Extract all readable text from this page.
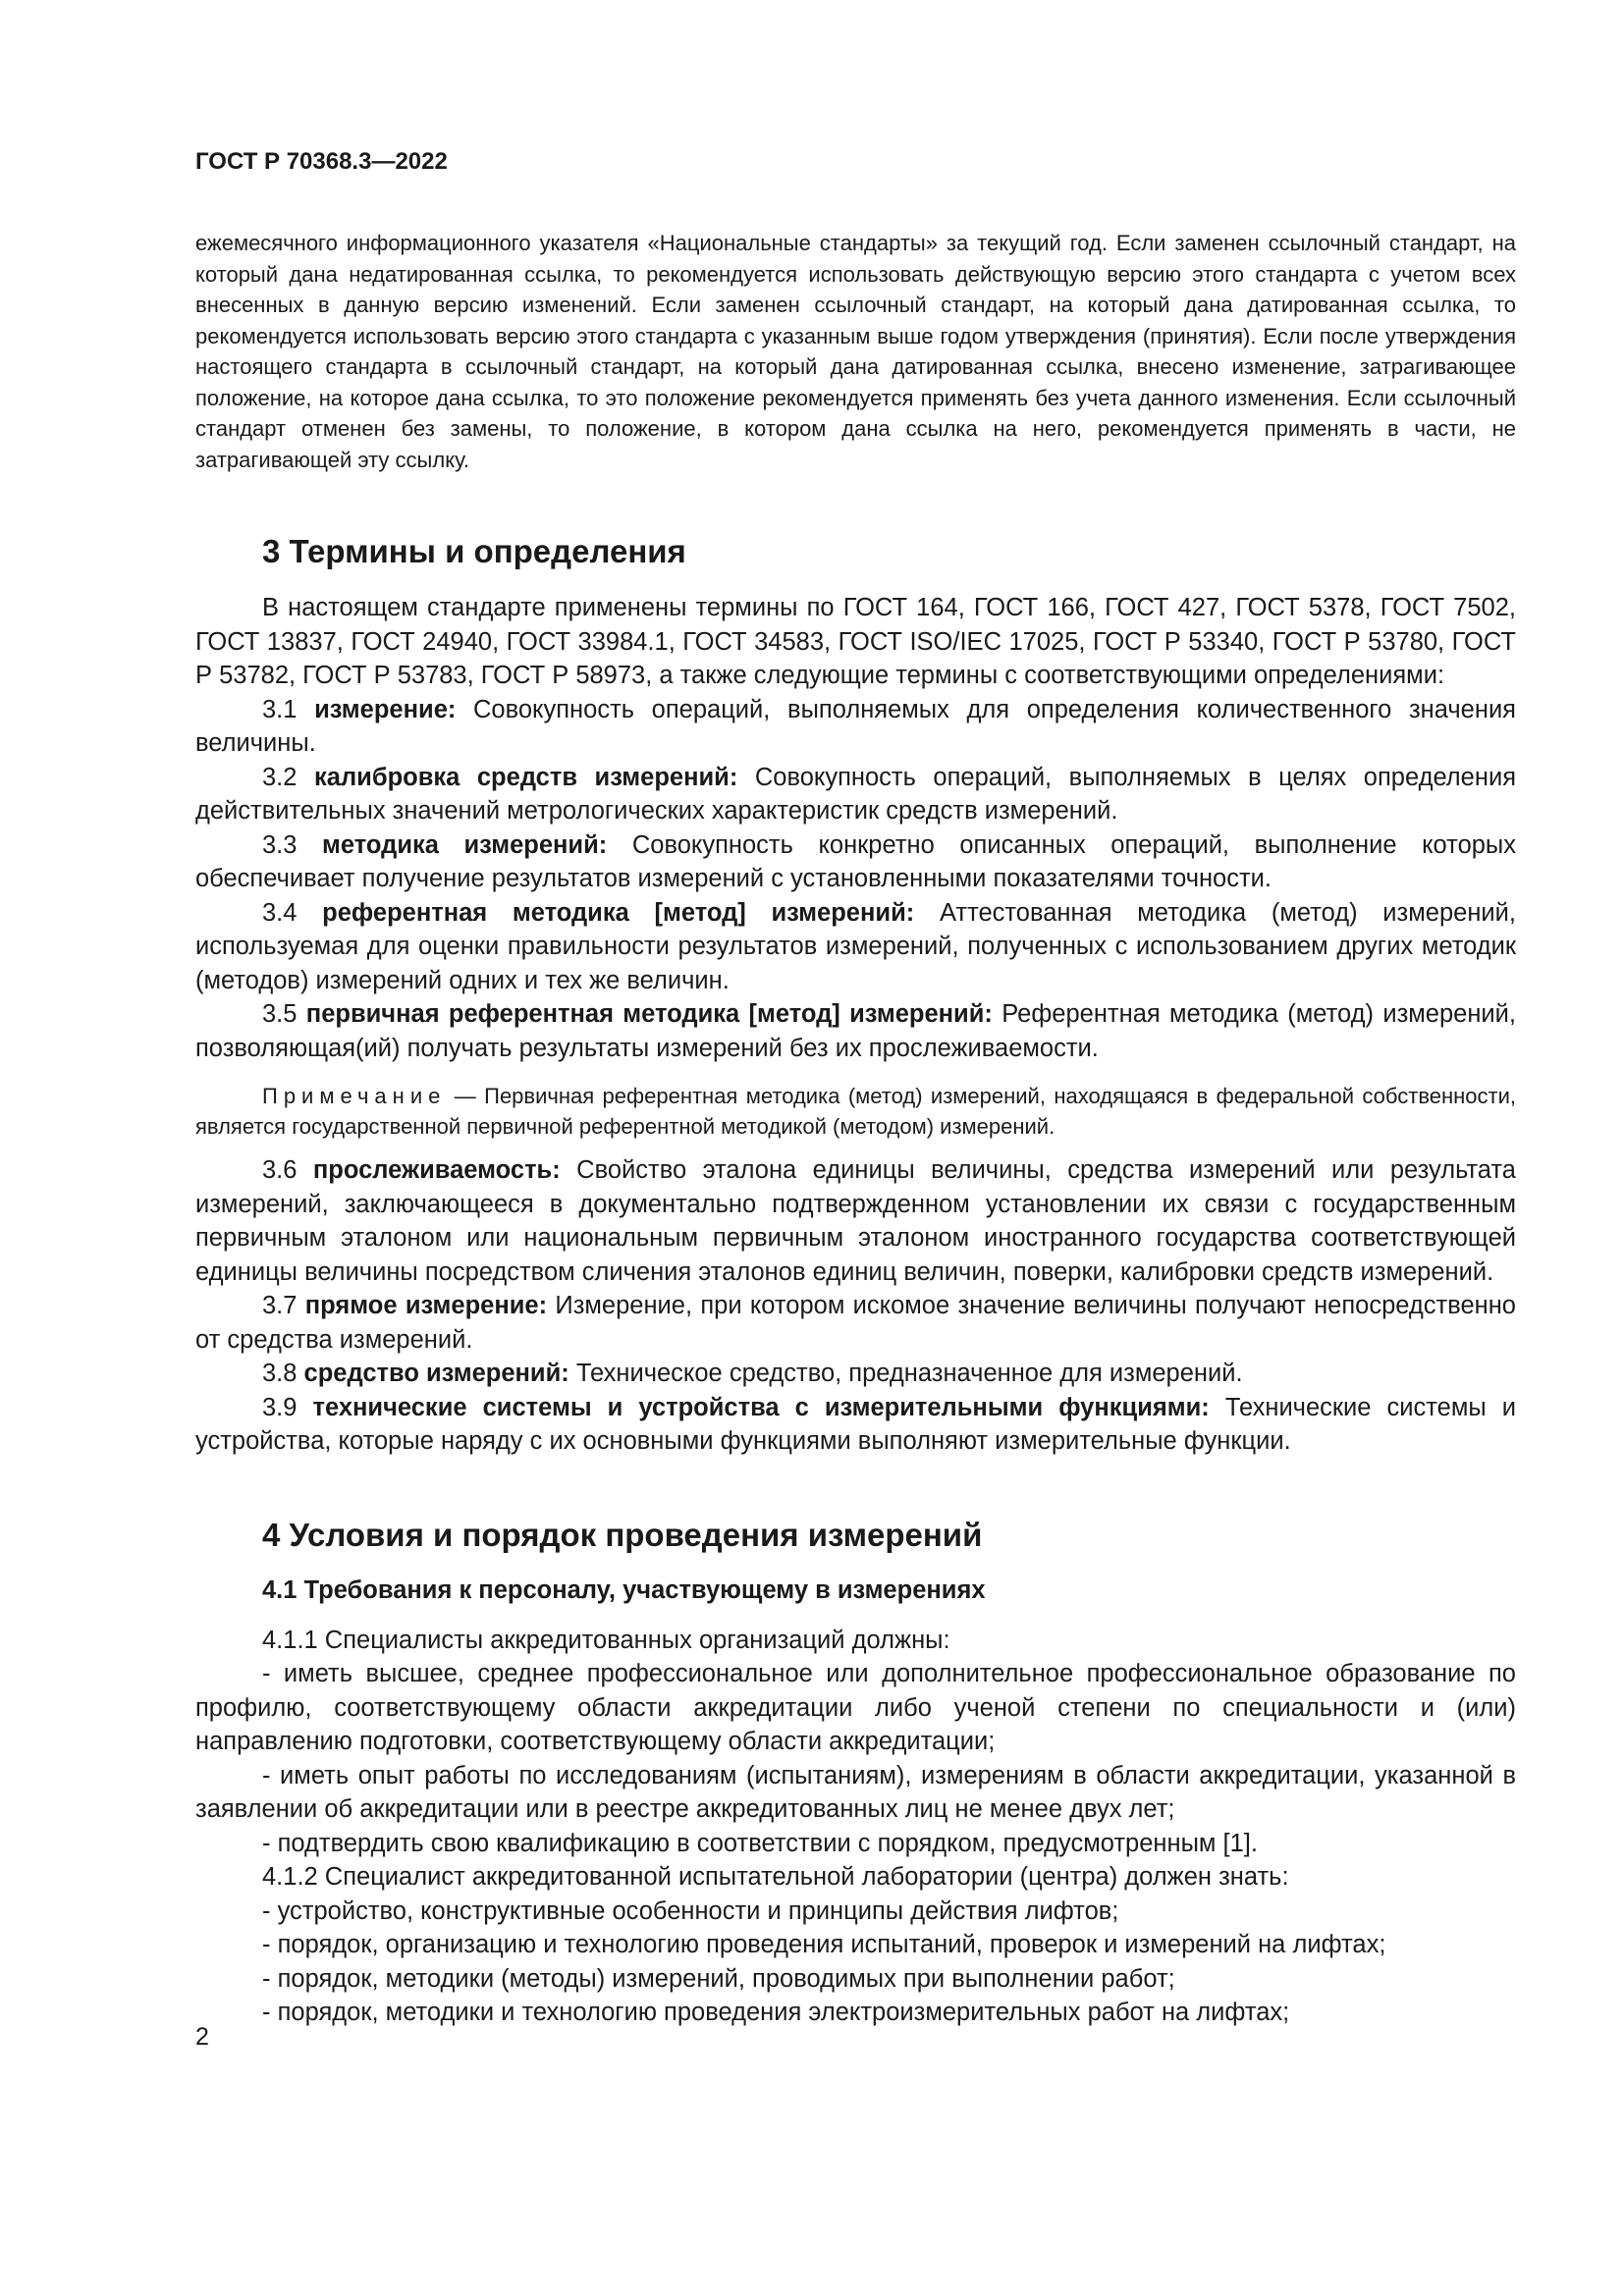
ГОСТ Р 70368.3—2022

ежемесячного информационного указателя «Национальные стандарты» за текущий год. Если заменен ссылочный стандарт, на который дана недатированная ссылка, то рекомендуется использовать действующую версию этого стандарта с учетом всех внесенных в данную версию изменений. Если заменен ссылочный стандарт, на который дана датированная ссылка, то рекомендуется использовать версию этого стандарта с указанным выше годом утверждения (принятия). Если после утверждения настоящего стандарта в ссылочный стандарт, на который дана датированная ссылка, внесено изменение, затрагивающее положение, на которое дана ссылка, то это положение рекомендуется применять без учета данного изменения. Если ссылочный стандарт отменен без замены, то положение, в котором дана ссылка на него, рекомендуется применять в части, не затрагивающей эту ссылку.

3 Термины и определения

В настоящем стандарте применены термины по ГОСТ 164, ГОСТ 166, ГОСТ 427, ГОСТ 5378, ГОСТ 7502, ГОСТ 13837, ГОСТ 24940, ГОСТ 33984.1, ГОСТ 34583, ГОСТ ISO/IEC 17025, ГОСТ Р 53340, ГОСТ Р 53780, ГОСТ Р 53782, ГОСТ Р 53783, ГОСТ Р 58973, а также следующие термины с соответствующими определениями:

3.1 измерение: Совокупность операций, выполняемых для определения количественного значения величины.

3.2 калибровка средств измерений: Совокупность операций, выполняемых в целях определения действительных значений метрологических характеристик средств измерений.

3.3 методика измерений: Совокупность конкретно описанных операций, выполнение которых обеспечивает получение результатов измерений с установленными показателями точности.

3.4 референтная методика [метод] измерений: Аттестованная методика (метод) измерений, используемая для оценки правильности результатов измерений, полученных с использованием других методик (методов) измерений одних и тех же величин.

3.5 первичная референтная методика [метод] измерений: Референтная методика (метод) измерений, позволяющая(ий) получать результаты измерений без их прослеживаемости.

Примечание — Первичная референтная методика (метод) измерений, находящаяся в федеральной собственности, является государственной первичной референтной методикой (методом) измерений.

3.6 прослеживаемость: Свойство эталона единицы величины, средства измерений или результата измерений, заключающееся в документально подтвержденном установлении их связи с государственным первичным эталоном или национальным первичным эталоном иностранного государства соответствующей единицы величины посредством сличения эталонов единиц величин, поверки, калибровки средств измерений.

3.7 прямое измерение: Измерение, при котором искомое значение величины получают непосредственно от средства измерений.

3.8 средство измерений: Техническое средство, предназначенное для измерений.

3.9 технические системы и устройства с измерительными функциями: Технические системы и устройства, которые наряду с их основными функциями выполняют измерительные функции.

4 Условия и порядок проведения измерений
4.1 Требования к персоналу, участвующему в измерениях

4.1.1 Специалисты аккредитованных организаций должны:

- иметь высшее, среднее профессиональное или дополнительное профессиональное образование по профилю, соответствующему области аккредитации либо ученой степени по специальности и (или) направлению подготовки, соответствующему области аккредитации;

- иметь опыт работы по исследованиям (испытаниям), измерениям в области аккредитации, указанной в заявлении об аккредитации или в реестре аккредитованных лиц не менее двух лет;

- подтвердить свою квалификацию в соответствии с порядком, предусмотренным [1].

4.1.2 Специалист аккредитованной испытательной лаборатории (центра) должен знать:

- устройство, конструктивные особенности и принципы действия лифтов;

- порядок, организацию и технологию проведения испытаний, проверок и измерений на лифтах;

- порядок, методики (методы) измерений, проводимых при выполнении работ;

- порядок, методики и технологию проведения электроизмерительных работ на лифтах;

2
